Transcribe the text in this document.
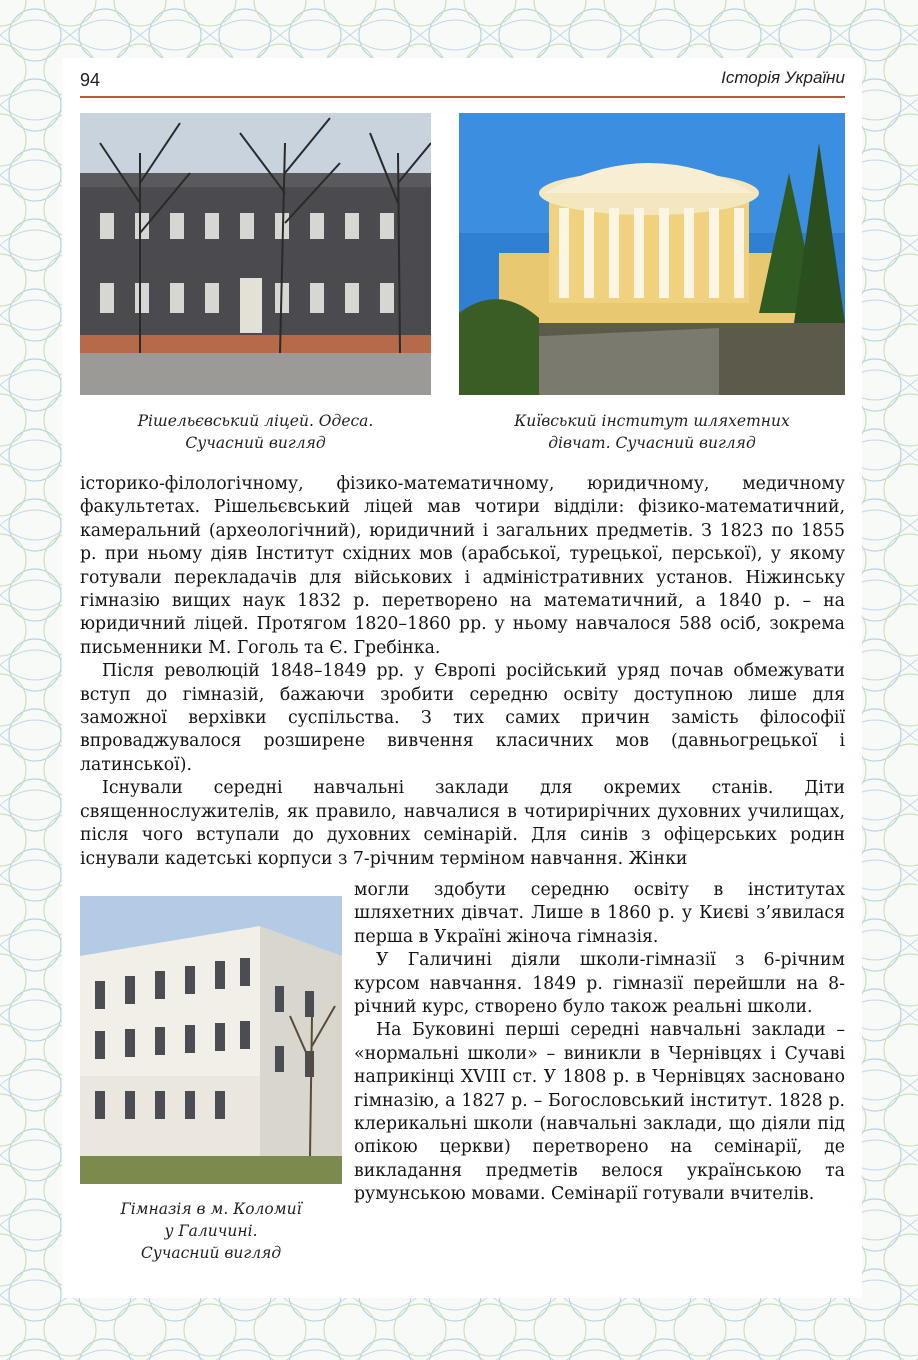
94	Історія України
Рішельєвський ліцей. Одеса.
Сучасний вигляд
Київський інститут шляхетних
дівчат. Сучасний вигляд

історико-філологічному, фізико-математичному, юридичному, медичному факультетах. Рішельєвський ліцей мав чотири відділи: фізико-математичний, камеральний (археологічний), юридичний і загальних предметів. З 1823 по 1855 р. при ньому діяв Інститут східних мов (арабської, турецької, перської), у якому готували перекладачів для військових і адміністративних установ. Ніжинську гімназію вищих наук 1832 р. перетворено на математичний, а 1840 р. – на юридичний ліцей. Протягом 1820–1860 рр. у ньому навчалося 588 осіб, зокрема письменники М. Гоголь та Є. Гребінка.

Після революцій 1848–1849 рр. у Європі російський уряд почав обмежувати вступ до гімназій, бажаючи зробити середню освіту доступною лише для заможної верхівки суспільства. З тих самих причин замість філософії впроваджувалося розширене вивчення класичних мов (давньогрецької і латинської).

Існували середні навчальні заклади для окремих станів. Діти священнослужителів, як правило, навчалися в чотирирічних духовних училищах, після чого вступали до духовних семінарій. Для синів з офіцерських родин існували кадетські корпуси з 7-річним терміном навчання. Жінки

Гімназія в м. Коломиї
у Галичині.
Сучасний вигляд

могли здобути середню освіту в інститутах шляхетних дівчат. Лише в 1860 р. у Києві з’явилася перша в Україні жіноча гімназія.

У Галичині діяли школи-гімназії з 6-річним курсом навчання. 1849 р. гімназії перейшли на 8-річний курс, створено було також реальні школи.

На Буковині перші середні навчальні заклади – «нормальні школи» – виникли в Чернівцях і Сучаві наприкінці XVIII ст. У 1808 р. в Чернівцях засновано гімназію, а 1827 р. – Богословський інститут. 1828 р. клерикальні школи (навчальні заклади, що діяли під опікою церкви) перетворено на семінарії, де викладання предметів велося українською та румунською мовами. Семінарії готували вчителів.
